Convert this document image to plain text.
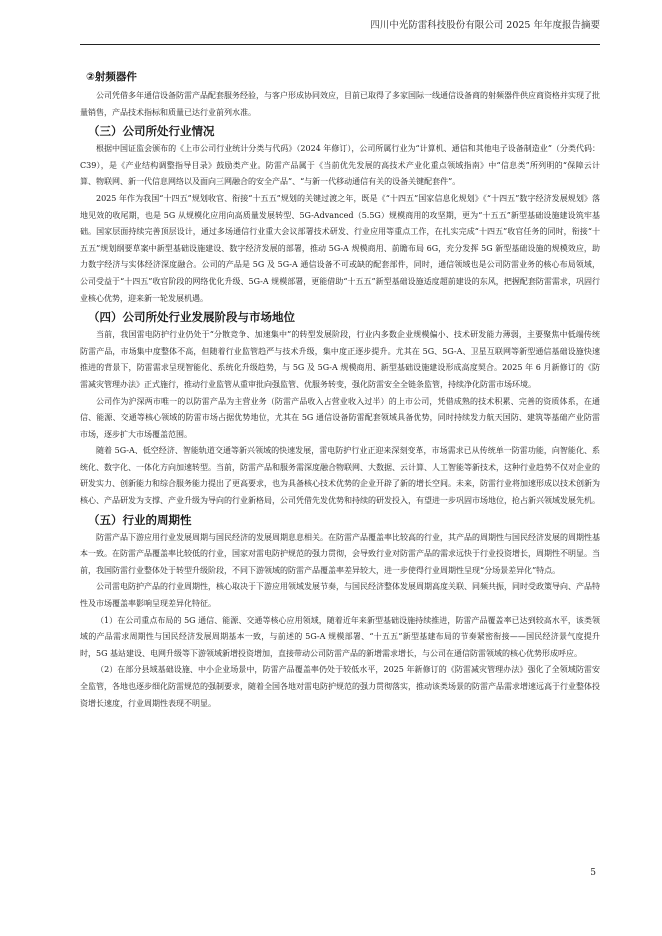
四川中光防雷科技股份有限公司 2025 年年度报告摘要
②射频器件

公司凭借多年通信设备防雷产品配套服务经验，与客户形成协同效应，目前已取得了多家国际一线通信设备商的射频器件供应商资格并实现了批量销售，产品技术指标和质量已达行业前列水准。

（三）公司所处行业情况

根据中国证监会颁布的《上市公司行业统计分类与代码》（2024 年修订），公司所属行业为“计算机、通信和其他电子设备制造业”（分类代码：C39），是《产业结构调整指导目录》鼓励类产业。防雷产品属于《当前优先发展的高技术产业化重点领域指南》中“信息类”所列明的“保障云计算、物联网、新一代信息网络以及面向三网融合的安全产品”、“与新一代移动通信有关的设备关键配套件”。

2025 年作为我国“十四五”规划收官、衔接“十五五”规划的关键过渡之年，既是《“十四五”国家信息化规划》《“十四五”数字经济发展规划》落地见效的收尾期，也是 5G 从规模化应用向高质量发展转型、5G-Advanced（5.5G）规模商用的攻坚期，更为“十五五”新型基础设施建设筑牢基础。国家层面持续完善顶层设计，通过多场通信行业重大会议部署技术研发、行业应用等重点工作，在扎实完成“十四五”收官任务的同时，衔接“十五五”规划纲要草案中新型基础设施建设、数字经济发展的部署，推动 5G-A 规模商用、前瞻布局 6G，充分发挥 5G 新型基础设施的规模效应，助力数字经济与实体经济深度融合。公司的产品是 5G 及 5G-A 通信设备不可或缺的配套部件，同时，通信领域也是公司防雷业务的核心布局领域，公司受益于“十四五”收官阶段的网络优化升级、5G-A 规模部署，更能借助“十五五”新型基础设施适度超前建设的东风，把握配套防雷需求，巩固行业核心优势，迎来新一轮发展机遇。

（四）公司所处行业发展阶段与市场地位

当前，我国雷电防护行业仍处于“分散竞争、加速集中”的转型发展阶段，行业内多数企业规模偏小、技术研发能力薄弱，主要聚焦中低端传统防雷产品，市场集中度整体不高，但随着行业监管趋严与技术升级，集中度正逐步提升。尤其在 5G、5G-A、卫星互联网等新型通信基础设施快速推进的背景下，防雷需求呈现智能化、系统化升级趋势，与 5G 及 5G-A 规模商用、新型基础设施建设形成高度契合。2025 年 6 月新修订的《防雷减灾管理办法》正式施行，推动行业监管从重审批向强监管、优服务转变，强化防雷安全全链条监管，持续净化防雷市场环境。

公司作为沪深两市唯一的以防雷产品为主营业务（防雷产品收入占营业收入过半）的上市公司，凭借成熟的技术积累、完善的资质体系，在通信、能源、交通等核心领域的防雷市场占据优势地位，尤其在 5G 通信设备防雷配套领域具备优势，同时持续发力航天国防、建筑等基础产业防雷市场，逐步扩大市场覆盖范围。

随着 5G-A、低空经济、智能轨道交通等新兴领域的快速发展，雷电防护行业正迎来深刻变革，市场需求已从传统单一防雷功能，向智能化、系统化、数字化、一体化方向加速转型。当前，防雷产品和服务需深度融合物联网、大数据、云计算、人工智能等新技术，这种行业趋势不仅对企业的研发实力、创新能力和综合服务能力提出了更高要求，也为具备核心技术优势的企业开辟了新的增长空间。未来，防雷行业将加速形成以技术创新为核心、产品研发为支撑、产业升级为导向的行业新格局，公司凭借先发优势和持续的研发投入，有望进一步巩固市场地位，抢占新兴领域发展先机。

（五）行业的周期性

防雷产品下游应用行业发展周期与国民经济的发展周期息息相关。在防雷产品覆盖率比较高的行业，其产品的周期性与国民经济发展的周期性基本一致。在防雷产品覆盖率比较低的行业，国家对雷电防护规范的强力贯彻，会导致行业对防雷产品的需求远快于行业投资增长，周期性不明显。当前，我国防雷行业整体处于转型升级阶段，不同下游领域的防雷产品覆盖率差异较大，进一步使得行业周期性呈现“分场景差异化”特点。

公司雷电防护产品的行业周期性，核心取决于下游应用领域发展节奏，与国民经济整体发展周期高度关联、同频共振，同时受政策导向、产品特性及市场覆盖率影响呈现差异化特征。

（1）在公司重点布局的 5G 通信、能源、交通等核心应用领域，随着近年来新型基础设施持续推进，防雷产品覆盖率已达到较高水平，该类领域的产品需求周期性与国民经济发展周期基本一致，与前述的 5G-A 规模部署、“十五五”新型基建布局的节奏紧密衔接——国民经济景气度提升时，5G 基站建设、电网升级等下游领域新增投资增加，直接带动公司防雷产品的新增需求增长，与公司在通信防雷领域的核心优势形成呼应。

（2）在部分县域基础设施、中小企业场景中，防雷产品覆盖率仍处于较低水平，2025 年新修订的《防雷减灾管理办法》强化了全领域防雷安全监管，各地也逐步细化防雷规范的强制要求，随着全国各地对雷电防护规范的强力贯彻落实，推动该类场景的防雷产品需求增速远高于行业整体投资增长速度，行业周期性表现不明显。

5
